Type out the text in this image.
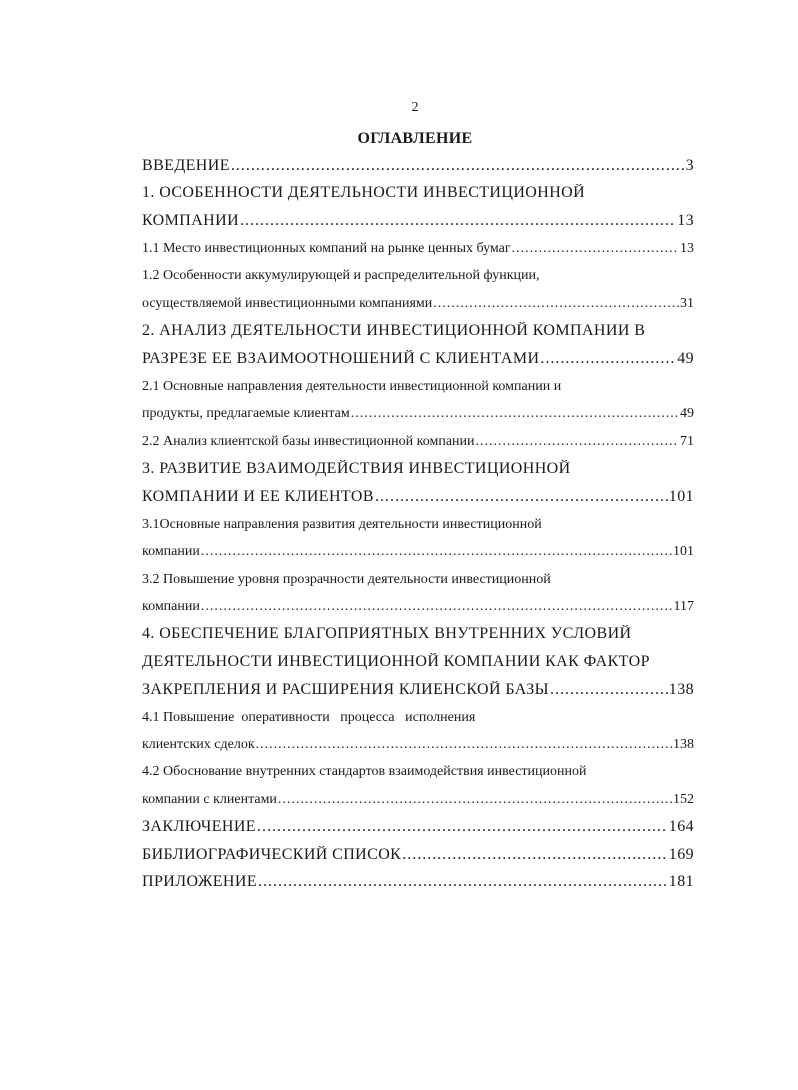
2
ОГЛАВЛЕНИЕ
ВВЕДЕНИЕ .....	3
1. ОСОБЕННОСТИ ДЕЯТЕЛЬНОСТИ ИНВЕСТИЦИОННОЙ
КОМПАНИИ .....	13
1.1 Место инвестиционных компаний на рынке ценных бумаг .....	13
1.2 Особенности аккумулирующей и распределительной функции,
осуществляемой инвестиционными компаниями .....	31
2. АНАЛИЗ ДЕЯТЕЛЬНОСТИ ИНВЕСТИЦИОННОЙ КОМПАНИИ В
РАЗРЕЗЕ ЕЕ ВЗАИМООТНОШЕНИЙ С КЛИЕНТАМИ .....	49
2.1 Основные направления деятельности инвестиционной компании и
продукты, предлагаемые клиентам .....	49
2.2 Анализ клиентской базы инвестиционной компании .....	71
3. РАЗВИТИЕ ВЗАИМОДЕЙСТВИЯ ИНВЕСТИЦИОННОЙ
КОМПАНИИ И ЕЕ КЛИЕНТОВ .....	101
3.1Основные направления развития деятельности инвестиционной
компании .....	101
3.2 Повышение уровня прозрачности деятельности инвестиционной
компании .....	117
4. ОБЕСПЕЧЕНИЕ БЛАГОПРИЯТНЫХ ВНУТРЕННИХ УСЛОВИЙ
ДЕЯТЕЛЬНОСТИ ИНВЕСТИЦИОННОЙ КОМПАНИИ КАК ФАКТОР
ЗАКРЕПЛЕНИЯ И РАСШИРЕНИЯ КЛИЕНСКОЙ БАЗЫ .....	138
4.1 Повышение  оперативности   процесса   исполнения
клиентских сделок .....	138
4.2 Обоснование внутренних стандартов взаимодействия инвестиционной
компании с клиентами .....	152
ЗАКЛЮЧЕНИЕ .....	164
БИБЛИОГРАФИЧЕСКИЙ СПИСОК .....	169
ПРИЛОЖЕНИЕ .....	181
